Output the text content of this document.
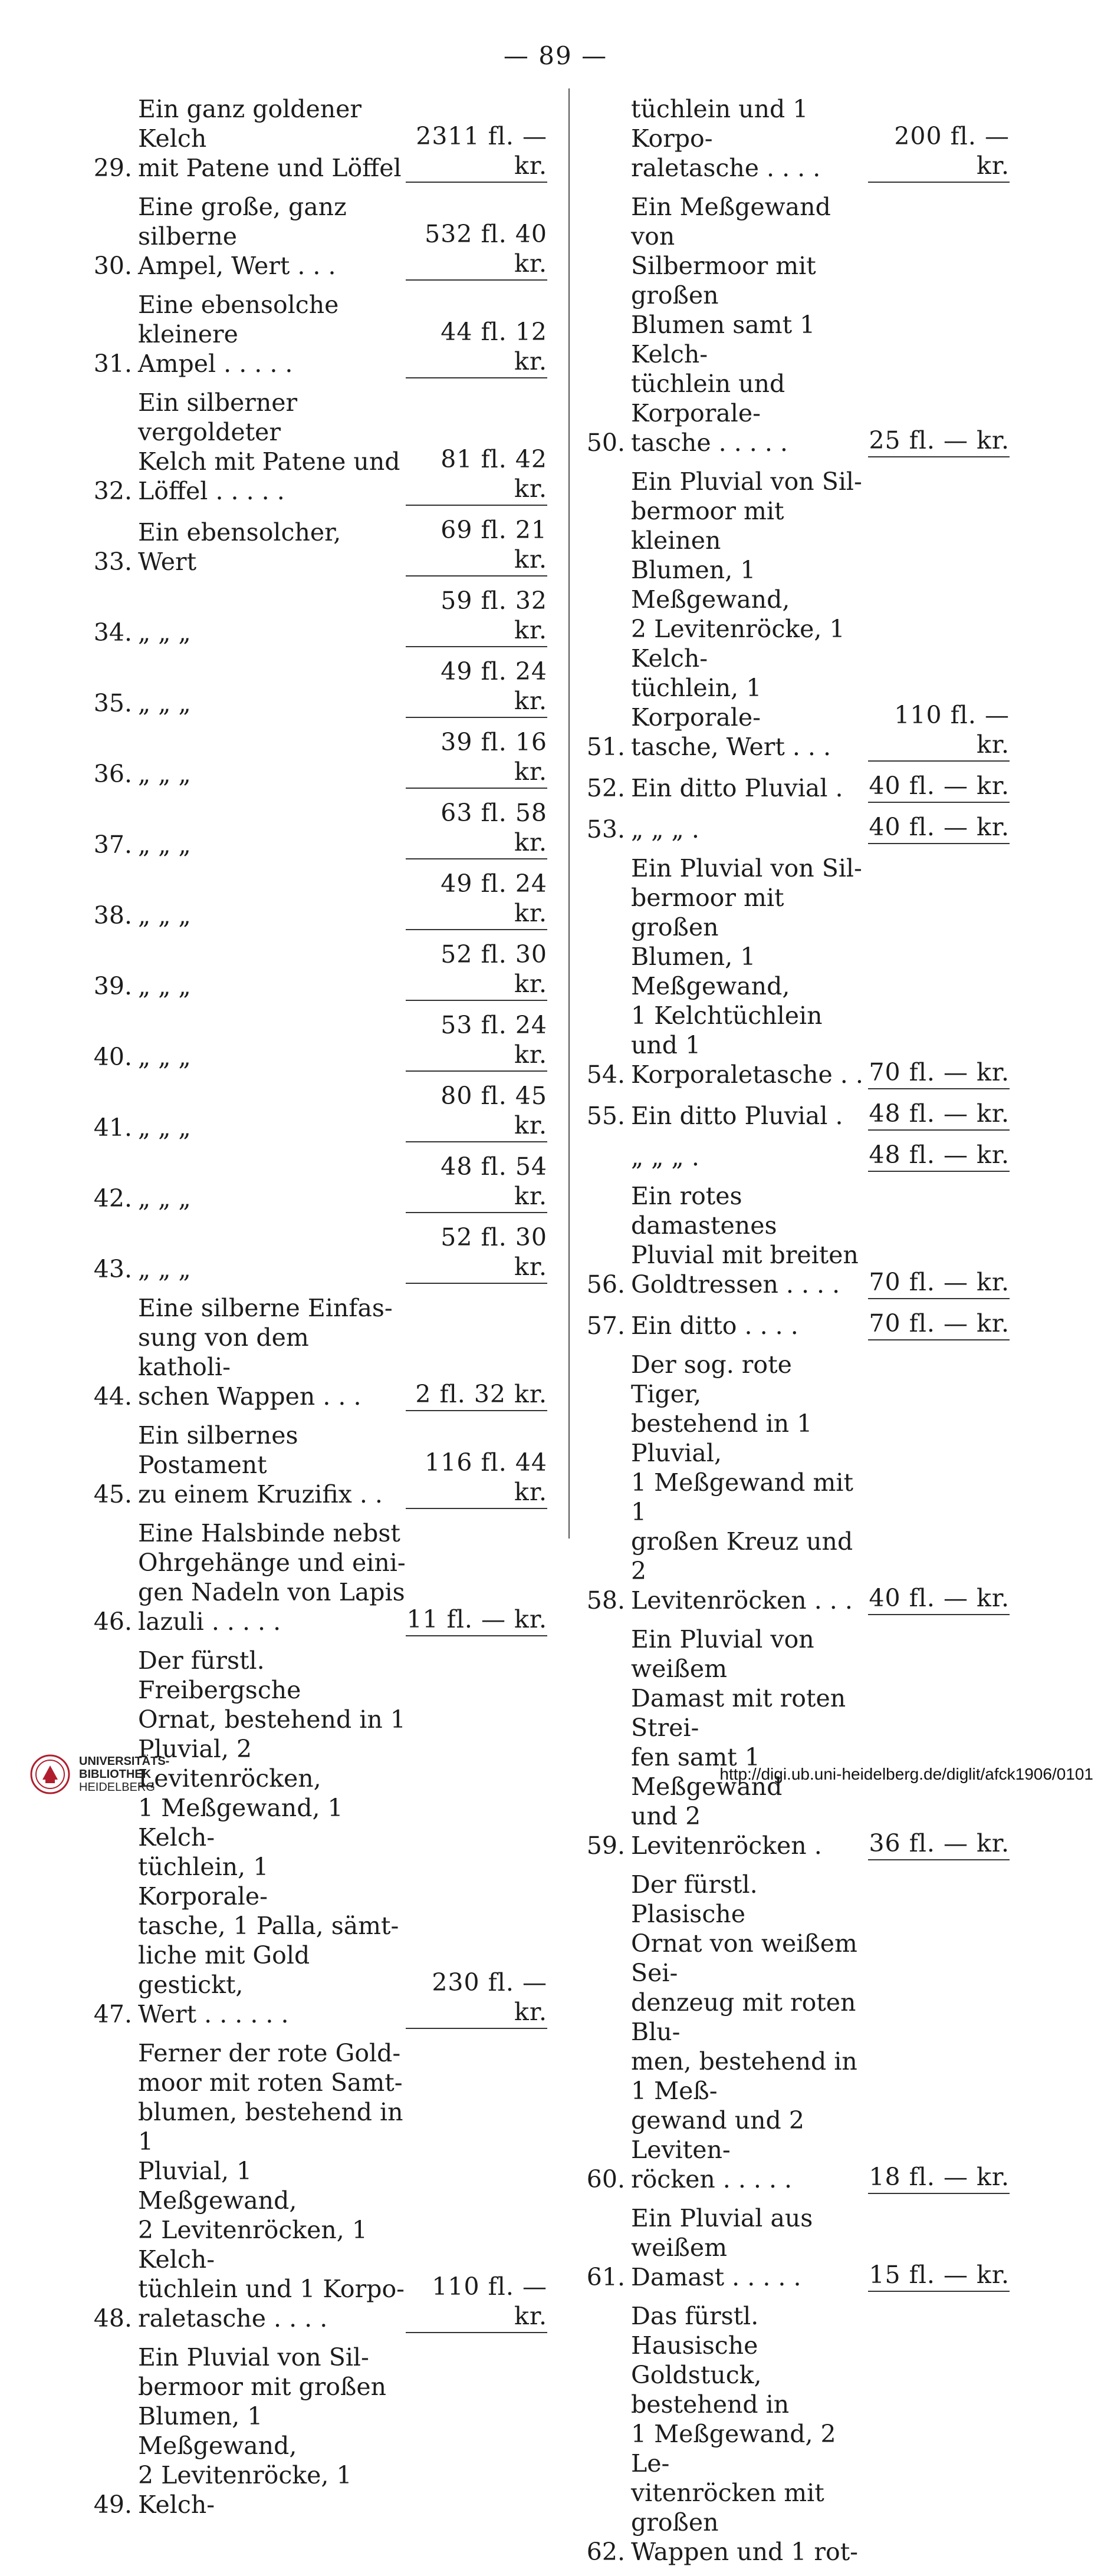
— 89 —
29.
Ein ganz goldener Kelch
mit Patene und Löffel
2311 fl. — kr.
30.
Eine große, ganz silberne
Ampel, Wert . . .
532 fl. 40 kr.
31.
Eine ebensolche kleinere
Ampel . . . . .
44 fl. 12 kr.
32.
Ein silberner vergoldeter
Kelch mit Patene und
Löffel . . . . .
81 fl. 42 kr.
33.
Ein ebensolcher, Wert
69 fl. 21 kr.
34. „ „ „
59 fl. 32 kr.
35. „ „ „
49 fl. 24 kr.
36. „ „ „
39 fl. 16 kr.
37. „ „ „
63 fl. 58 kr.
38. „ „ „
49 fl. 24 kr.
39. „ „ „
52 fl. 30 kr.
40. „ „ „
53 fl. 24 kr.
41. „ „ „
80 fl. 45 kr.
42. „ „ „
48 fl. 54 kr.
43. „ „ „
52 fl. 30 kr.
44.
Eine silberne Einfas-
sung von dem katholi-
schen Wappen . . .	2 fl. 32 kr.
45.
Ein silbernes Postament
zu einem Kruzifix . .
116 fl. 44 kr.
46.
Eine Halsbinde nebst
Ohrgehänge und eini-
gen Nadeln von Lapis
lazuli . . . . .	11 fl. — kr.
47.
Der fürstl. Freibergsche
Ornat, bestehend in 1
Pluvial, 2 Levitenröcken,
1 Meßgewand, 1 Kelch-
tüchlein, 1 Korporale-
tasche, 1 Palla, sämt-
liche mit Gold gestickt,
Wert . . . . . .
230 fl. — kr.
48.
Ferner der rote Gold-
moor mit roten Samt-
blumen, bestehend in 1
Pluvial, 1 Meßgewand,
2 Levitenröcken, 1 Kelch-
tüchlein und 1 Korpo-
raletasche . . . .
110 fl. — kr.
49.
Ein Pluvial von Sil-
bermoor mit großen
Blumen, 1 Meßgewand,
2 Levitenröcke, 1 Kelch-
tüchlein und 1 Korpo-
raletasche . . . .
200 fl. — kr.
50.
Ein Meßgewand von
Silbermoor mit großen
Blumen samt 1 Kelch-
tüchlein und Korporale-
tasche . . . . .	25 fl. — kr.
51.
Ein Pluvial von Sil-
bermoor mit kleinen
Blumen, 1 Meßgewand,
2 Levitenröcke, 1 Kelch-
tüchlein, 1 Korporale-
tasche, Wert . . .
110 fl. — kr.
52. Ein ditto Pluvial .	40 fl. — kr.
53. „ „ „ .	40 fl. — kr.
54.
Ein Pluvial von Sil-
bermoor mit großen
Blumen, 1 Meßgewand,
1 Kelchtüchlein und 1
Korporaletasche . . 70 fl. — kr.
55. Ein ditto Pluvial .	48 fl. — kr.
„ „ „ .	48 fl. — kr.
56.
Ein rotes damastenes
Pluvial mit breiten
Goldtressen . . . .	70 fl. — kr.
57. Ein ditto . . . .	70 fl. — kr.
58.
Der sog. rote Tiger,
bestehend in 1 Pluvial,
1 Meßgewand mit 1
großen Kreuz und 2
Levitenröcken . . . 40 fl. — kr.
59.
Ein Pluvial von weißem
Damast mit roten Strei-
fen samt 1 Meßgewand
und 2 Levitenröcken .	36 fl. — kr.
60.
Der fürstl. Plasische
Ornat von weißem Sei-
denzeug mit roten Blu-
men, bestehend in 1 Meß-
gewand und 2 Leviten-
röcken . . . . .	18 fl. — kr.
61.
Ein Pluvial aus weißem
Damast . . . . .	15 fl. — kr.
62.
Das fürstl. Hausische
Goldstuck, bestehend in
1 Meßgewand, 2 Le-
vitenröcken mit großen
Wappen und 1 rot-
UNIVERSITÄTS-
BIBLIOTHEK
HEIDELBERG
http://digi.ub.uni-heidelberg.de/diglit/afck1906/0101
